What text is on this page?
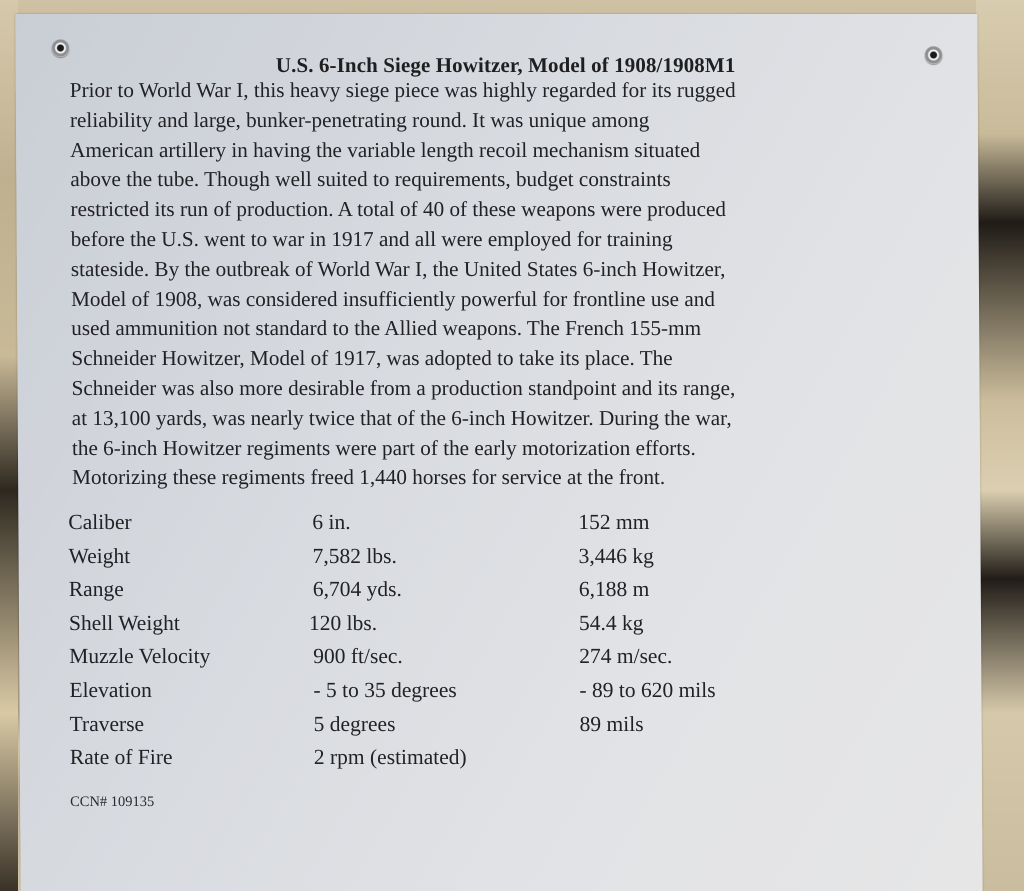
U.S. 6-Inch Siege Howitzer, Model of 1908/1908M1
Prior to World War I, this heavy siege piece was highly regarded for its rugged
reliability and large, bunker-penetrating round. It was unique among
American artillery in having the variable length recoil mechanism situated
above the tube. Though well suited to requirements, budget constraints
restricted its run of production. A total of 40 of these weapons were produced
before the U.S. went to war in 1917 and all were employed for training
stateside. By the outbreak of World War I, the United States 6-inch Howitzer,
Model of 1908, was considered insufficiently powerful for frontline use and
used ammunition not standard to the Allied weapons. The French 155-mm
Schneider Howitzer, Model of 1917, was adopted to take its place. The
Schneider was also more desirable from a production standpoint and its range,
at 13,100 yards, was nearly twice that of the 6-inch Howitzer. During the war,
the 6-inch Howitzer regiments were part of the early motorization efforts.
Motorizing these regiments freed 1,440 horses for service at the front.
Caliber	6 in.	152 mm
Weight	7,582 lbs.	3,446 kg
Range	6,704 yds.	6,188 m
Shell Weight	120 lbs.	54.4 kg
Muzzle Velocity	900 ft/sec.	274 m/sec.
Elevation	- 5 to 35 degrees	- 89 to 620 mils
Traverse	5 degrees	89 mils
Rate of Fire	2 rpm (estimated)
CCN# 109135
